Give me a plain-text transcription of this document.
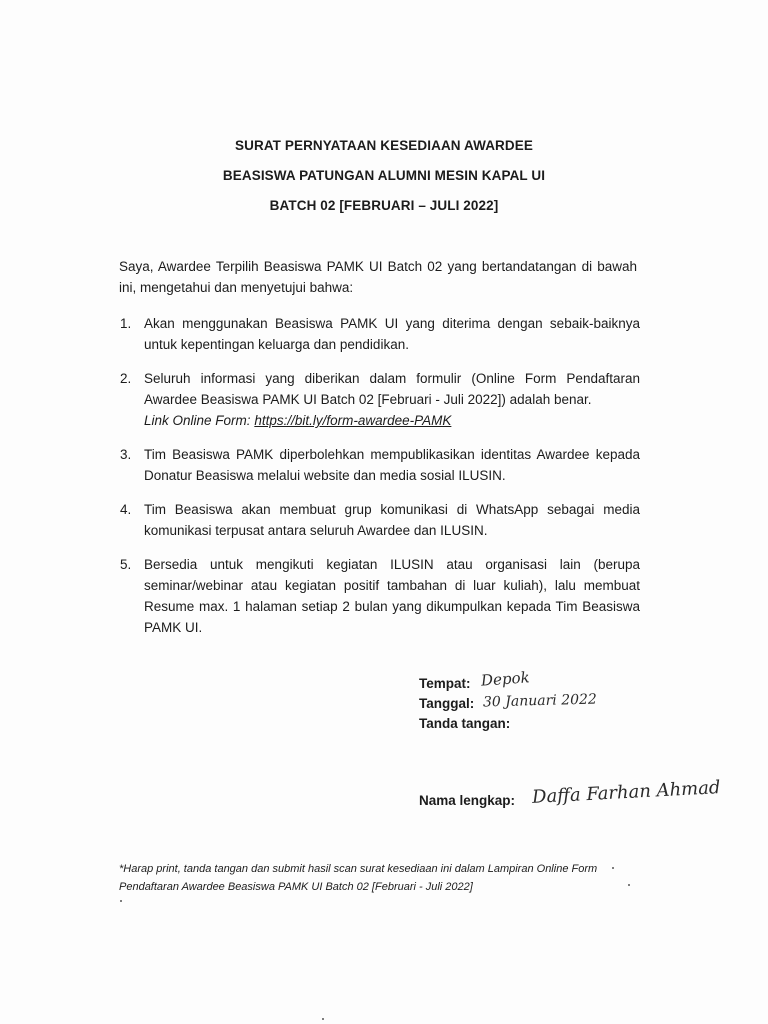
SURAT PERNYATAAN KESEDIAAN AWARDEE
BEASISWA PATUNGAN ALUMNI MESIN KAPAL UI
BATCH 02 [FEBRUARI – JULI 2022]
Saya, Awardee Terpilih Beasiswa PAMK UI Batch 02 yang bertandatangan di bawah ini, mengetahui dan menyetujui bahwa:
1. Akan menggunakan Beasiswa PAMK UI yang diterima dengan sebaik-baiknya untuk kepentingan keluarga dan pendidikan.
2. Seluruh informasi yang diberikan dalam formulir (Online Form Pendaftaran Awardee Beasiswa PAMK UI Batch 02 [Februari - Juli 2022]) adalah benar.
Link Online Form: https://bit.ly/form-awardee-PAMK
3. Tim Beasiswa PAMK diperbolehkan mempublikasikan identitas Awardee kepada Donatur Beasiswa melalui website dan media sosial ILUSIN.
4. Tim Beasiswa akan membuat grup komunikasi di WhatsApp sebagai media komunikasi terpusat antara seluruh Awardee dan ILUSIN.
5. Bersedia untuk mengikuti kegiatan ILUSIN atau organisasi lain (berupa seminar/webinar atau kegiatan positif tambahan di luar kuliah), lalu membuat Resume max. 1 halaman setiap 2 bulan yang dikumpulkan kepada Tim Beasiswa PAMK UI.
Tempat: Depok
Tanggal: 30 Januari 2022
Tanda tangan:
Nama lengkap: Daffa Farhan Ahmad
*Harap print, tanda tangan dan submit hasil scan surat kesediaan ini dalam Lampiran Online Form Pendaftaran Awardee Beasiswa PAMK UI Batch 02 [Februari - Juli 2022]
